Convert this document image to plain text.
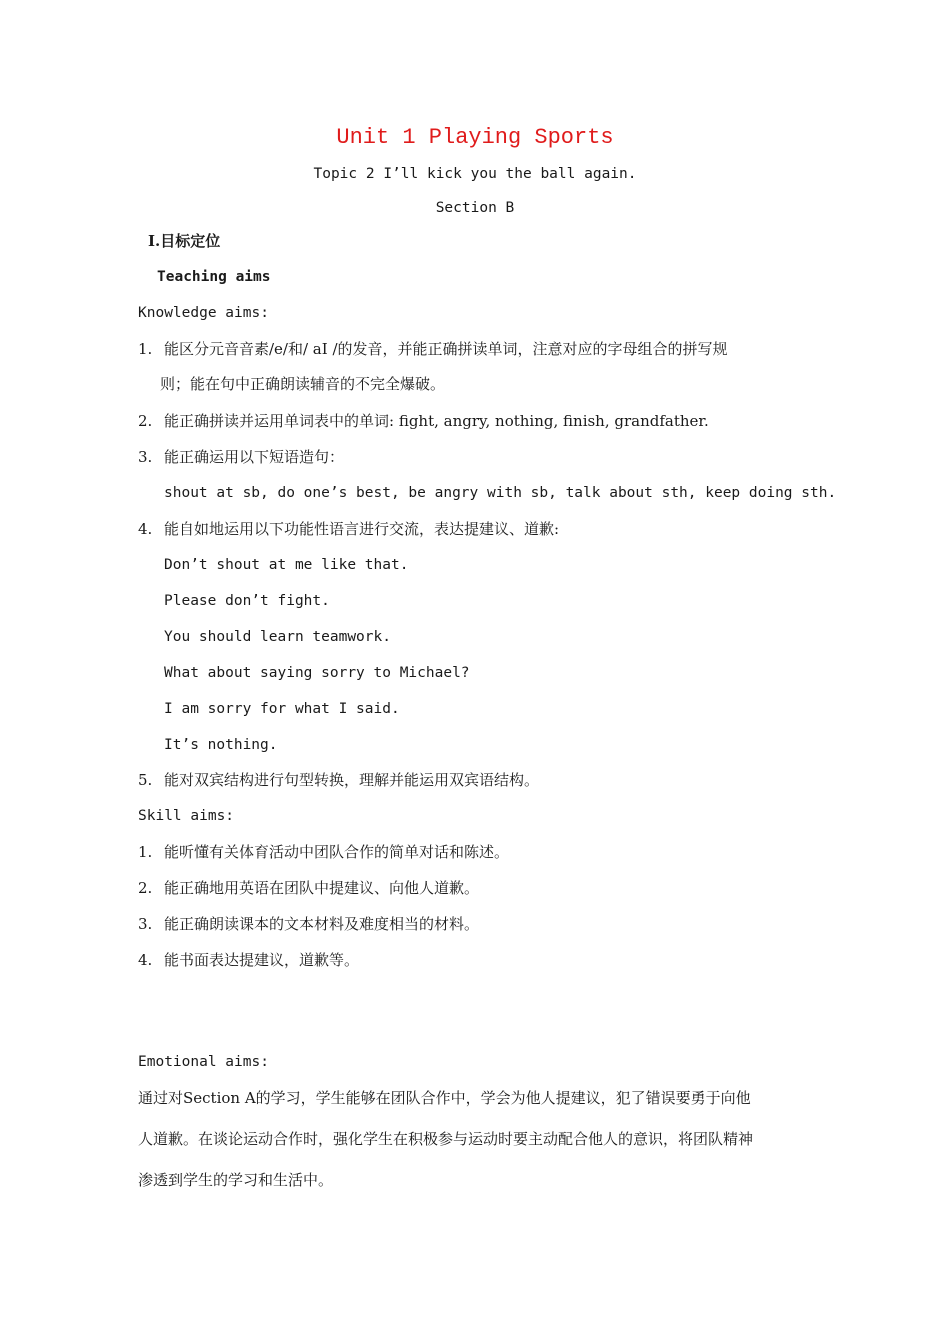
Unit 1 Playing Sports
Topic 2 I’ll kick you the ball again.
Section B
I.目标定位
Teaching aims
Knowledge aims:
1. 能区分元音音素/e/和/ aI /的发音，并能正确拼读单词，注意对应的字母组合的拼写规
则；能在句中正确朗读辅音的不完全爆破。
2. 能正确拼读并运用单词表中的单词: fight, angry, nothing, finish, grandfather.
3. 能正确运用以下短语造句：
shout at sb, do one’s best, be angry with sb, talk about sth, keep doing sth.
4. 能自如地运用以下功能性语言进行交流，表达提建议、道歉:
Don’t shout at me like that.
Please don’t fight.
You should learn teamwork.
What about saying sorry to Michael?
I am sorry for what I said.
It’s nothing.
5. 能对双宾结构进行句型转换，理解并能运用双宾语结构。
Skill aims:
1. 能听懂有关体育活动中团队合作的简单对话和陈述。
2. 能正确地用英语在团队中提建议、向他人道歉。
3. 能正确朗读课本的文本材料及难度相当的材料。
4. 能书面表达提建议，道歉等。
Emotional aims:
通过对Section A的学习，学生能够在团队合作中，学会为他人提建议，犯了错误要勇于向他
人道歉。在谈论运动合作时，强化学生在积极参与运动时要主动配合他人的意识，将团队精神
渗透到学生的学习和生活中。
